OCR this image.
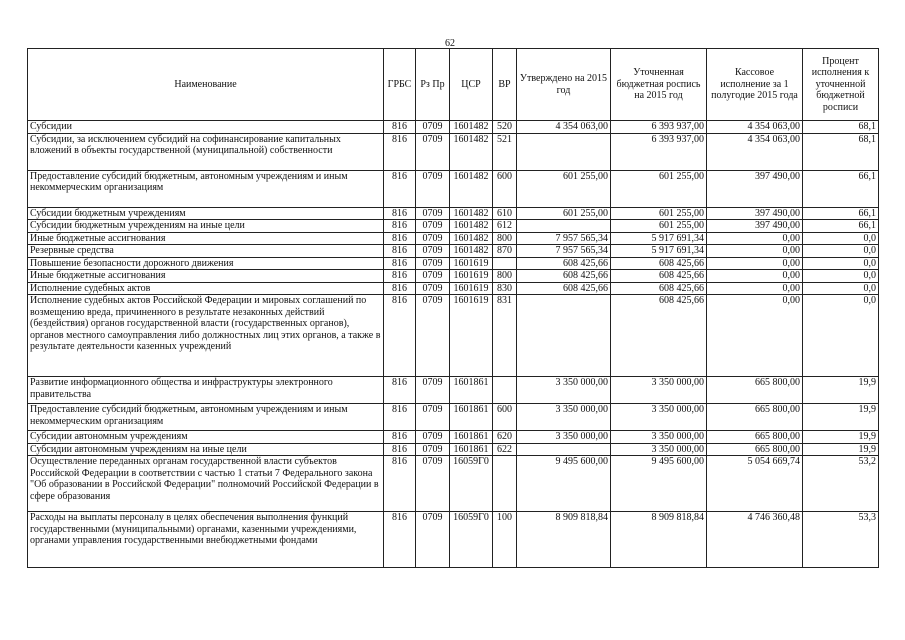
62
Наименование	ГРБС	Рз Пр	ЦСР	ВР	Утверждено на 2015 год	Уточненная бюджетная роспись на 2015 год	Кассовое исполнение за 1 полугодие 2015 года	Процент исполнения к уточненной бюджетной росписи
Субсидии	816	0709	1601482	520	4 354 063,00	6 393 937,00	4 354 063,00	68,1
Субсидии, за исключением субсидий на софинансирование капитальных вложений в объекты государственной (муниципальной) собственности	816	0709	1601482	521		6 393 937,00	4 354 063,00	68,1
Предоставление субсидий бюджетным, автономным учреждениям и иным некоммерческим организациям	816	0709	1601482	600	601 255,00	601 255,00	397 490,00	66,1
Субсидии бюджетным учреждениям	816	0709	1601482	610	601 255,00	601 255,00	397 490,00	66,1
Субсидии бюджетным учреждениям на иные цели	816	0709	1601482	612		601 255,00	397 490,00	66,1
Иные бюджетные ассигнования	816	0709	1601482	800	7 957 565,34	5 917 691,34	0,00	0,0
Резервные средства	816	0709	1601482	870	7 957 565,34	5 917 691,34	0,00	0,0
Повышение безопасности дорожного движения	816	0709	1601619		608 425,66	608 425,66	0,00	0,0
Иные бюджетные ассигнования	816	0709	1601619	800	608 425,66	608 425,66	0,00	0,0
Исполнение судебных актов	816	0709	1601619	830	608 425,66	608 425,66	0,00	0,0
Исполнение судебных актов Российской Федерации и мировых соглашений по возмещению вреда, причиненного в результате незаконных действий (бездействия) органов государственной власти (государственных органов), органов местного самоуправления либо должностных лиц этих органов, а также в результате деятельности казенных учреждений	816	0709	1601619	831		608 425,66	0,00	0,0
Развитие информационного общества и инфраструктуры электронного правительства	816	0709	1601861		3 350 000,00	3 350 000,00	665 800,00	19,9
Предоставление субсидий бюджетным, автономным учреждениям и иным некоммерческим организациям	816	0709	1601861	600	3 350 000,00	3 350 000,00	665 800,00	19,9
Субсидии автономным учреждениям	816	0709	1601861	620	3 350 000,00	3 350 000,00	665 800,00	19,9
Субсидии автономным учреждениям на иные цели	816	0709	1601861	622		3 350 000,00	665 800,00	19,9
Осуществление переданных органам государственной власти субъектов Российской Федерации в соответствии с частью 1 статьи 7 Федерального закона "Об образовании в Российской Федерации" полномочий Российской Федерации в сфере образования	816	0709	16059Г0		9 495 600,00	9 495 600,00	5 054 669,74	53,2
Расходы на выплаты персоналу в целях обеспечения выполнения функций государственными (муниципальными) органами, казенными учреждениями, органами управления государственными внебюджетными фондами	816	0709	16059Г0	100	8 909 818,84	8 909 818,84	4 746 360,48	53,3
